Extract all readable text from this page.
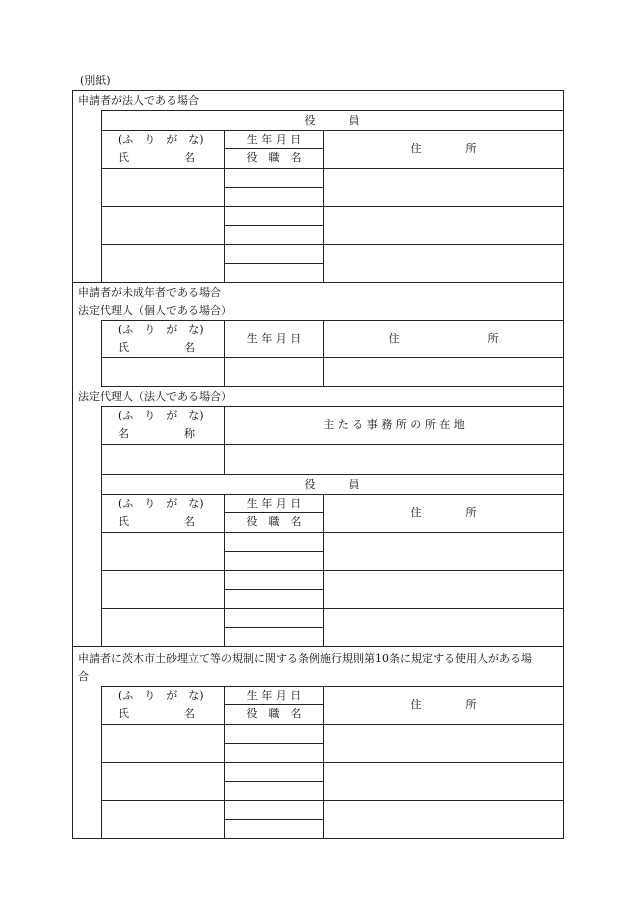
(別紙)
申請者が法人である場合
役　　　員
(ふ　り　が　な)
氏　　　　　名
生 年 月 日
役　職　名
住　　　　所
申請者が未成年者である場合
法定代理人（個人である場合）
(ふ　り　が　な)
氏　　　　　名
生 年 月 日	住　　　　　　　　所
法定代理人（法人である場合）
(ふ　り　が　な)
名　　　　　称
主 た る 事 務 所 の 所 在 地
役　　　員
(ふ　り　が　な)
氏　　　　　名
生 年 月 日
役　職　名
住　　　　所
申請者に茨木市土砂埋立て等の規制に関する条例施行規則第10条に規定する使用人がある場
合
(ふ　り　が　な)
氏　　　　　名
生 年 月 日
役　職　名
住　　　　所
